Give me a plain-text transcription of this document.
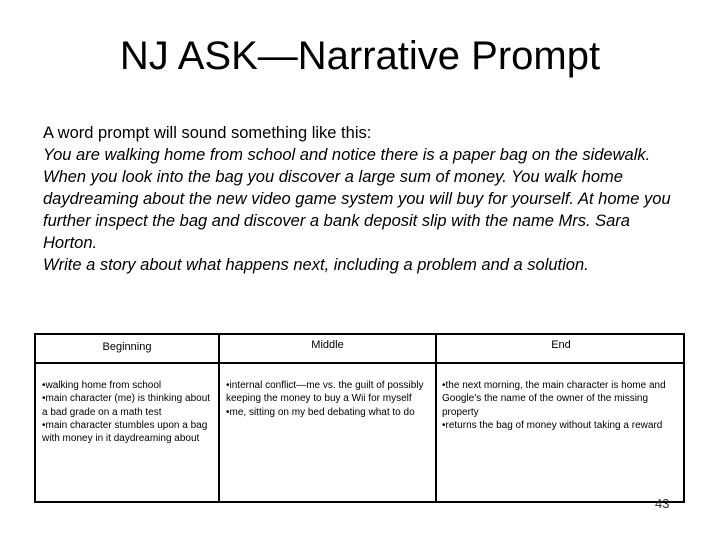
NJ ASK—Narrative Prompt
A word prompt will sound something like this:
You are walking home from school and notice there is a paper bag on the sidewalk. When you look into the bag you discover a large sum of money. You walk home daydreaming about the new video game system you will buy for yourself. At home you further inspect the bag and discover a bank deposit slip with the name Mrs. Sara Horton.
Write a story about what happens next, including a problem and a solution.
Beginning	Middle	End
• walking home from school
• main character (me) is thinking about a bad grade on a math test
• main character stumbles upon a bag with money in it daydreaming about
• internal conflict—me vs. the guilt of possibly keeping the money to buy a Wii for myself
• me, sitting on my bed debating what to do
• the next morning, the main character is home and Google’s the name of the owner of the missing property
• returns the bag of money without taking a reward
43
